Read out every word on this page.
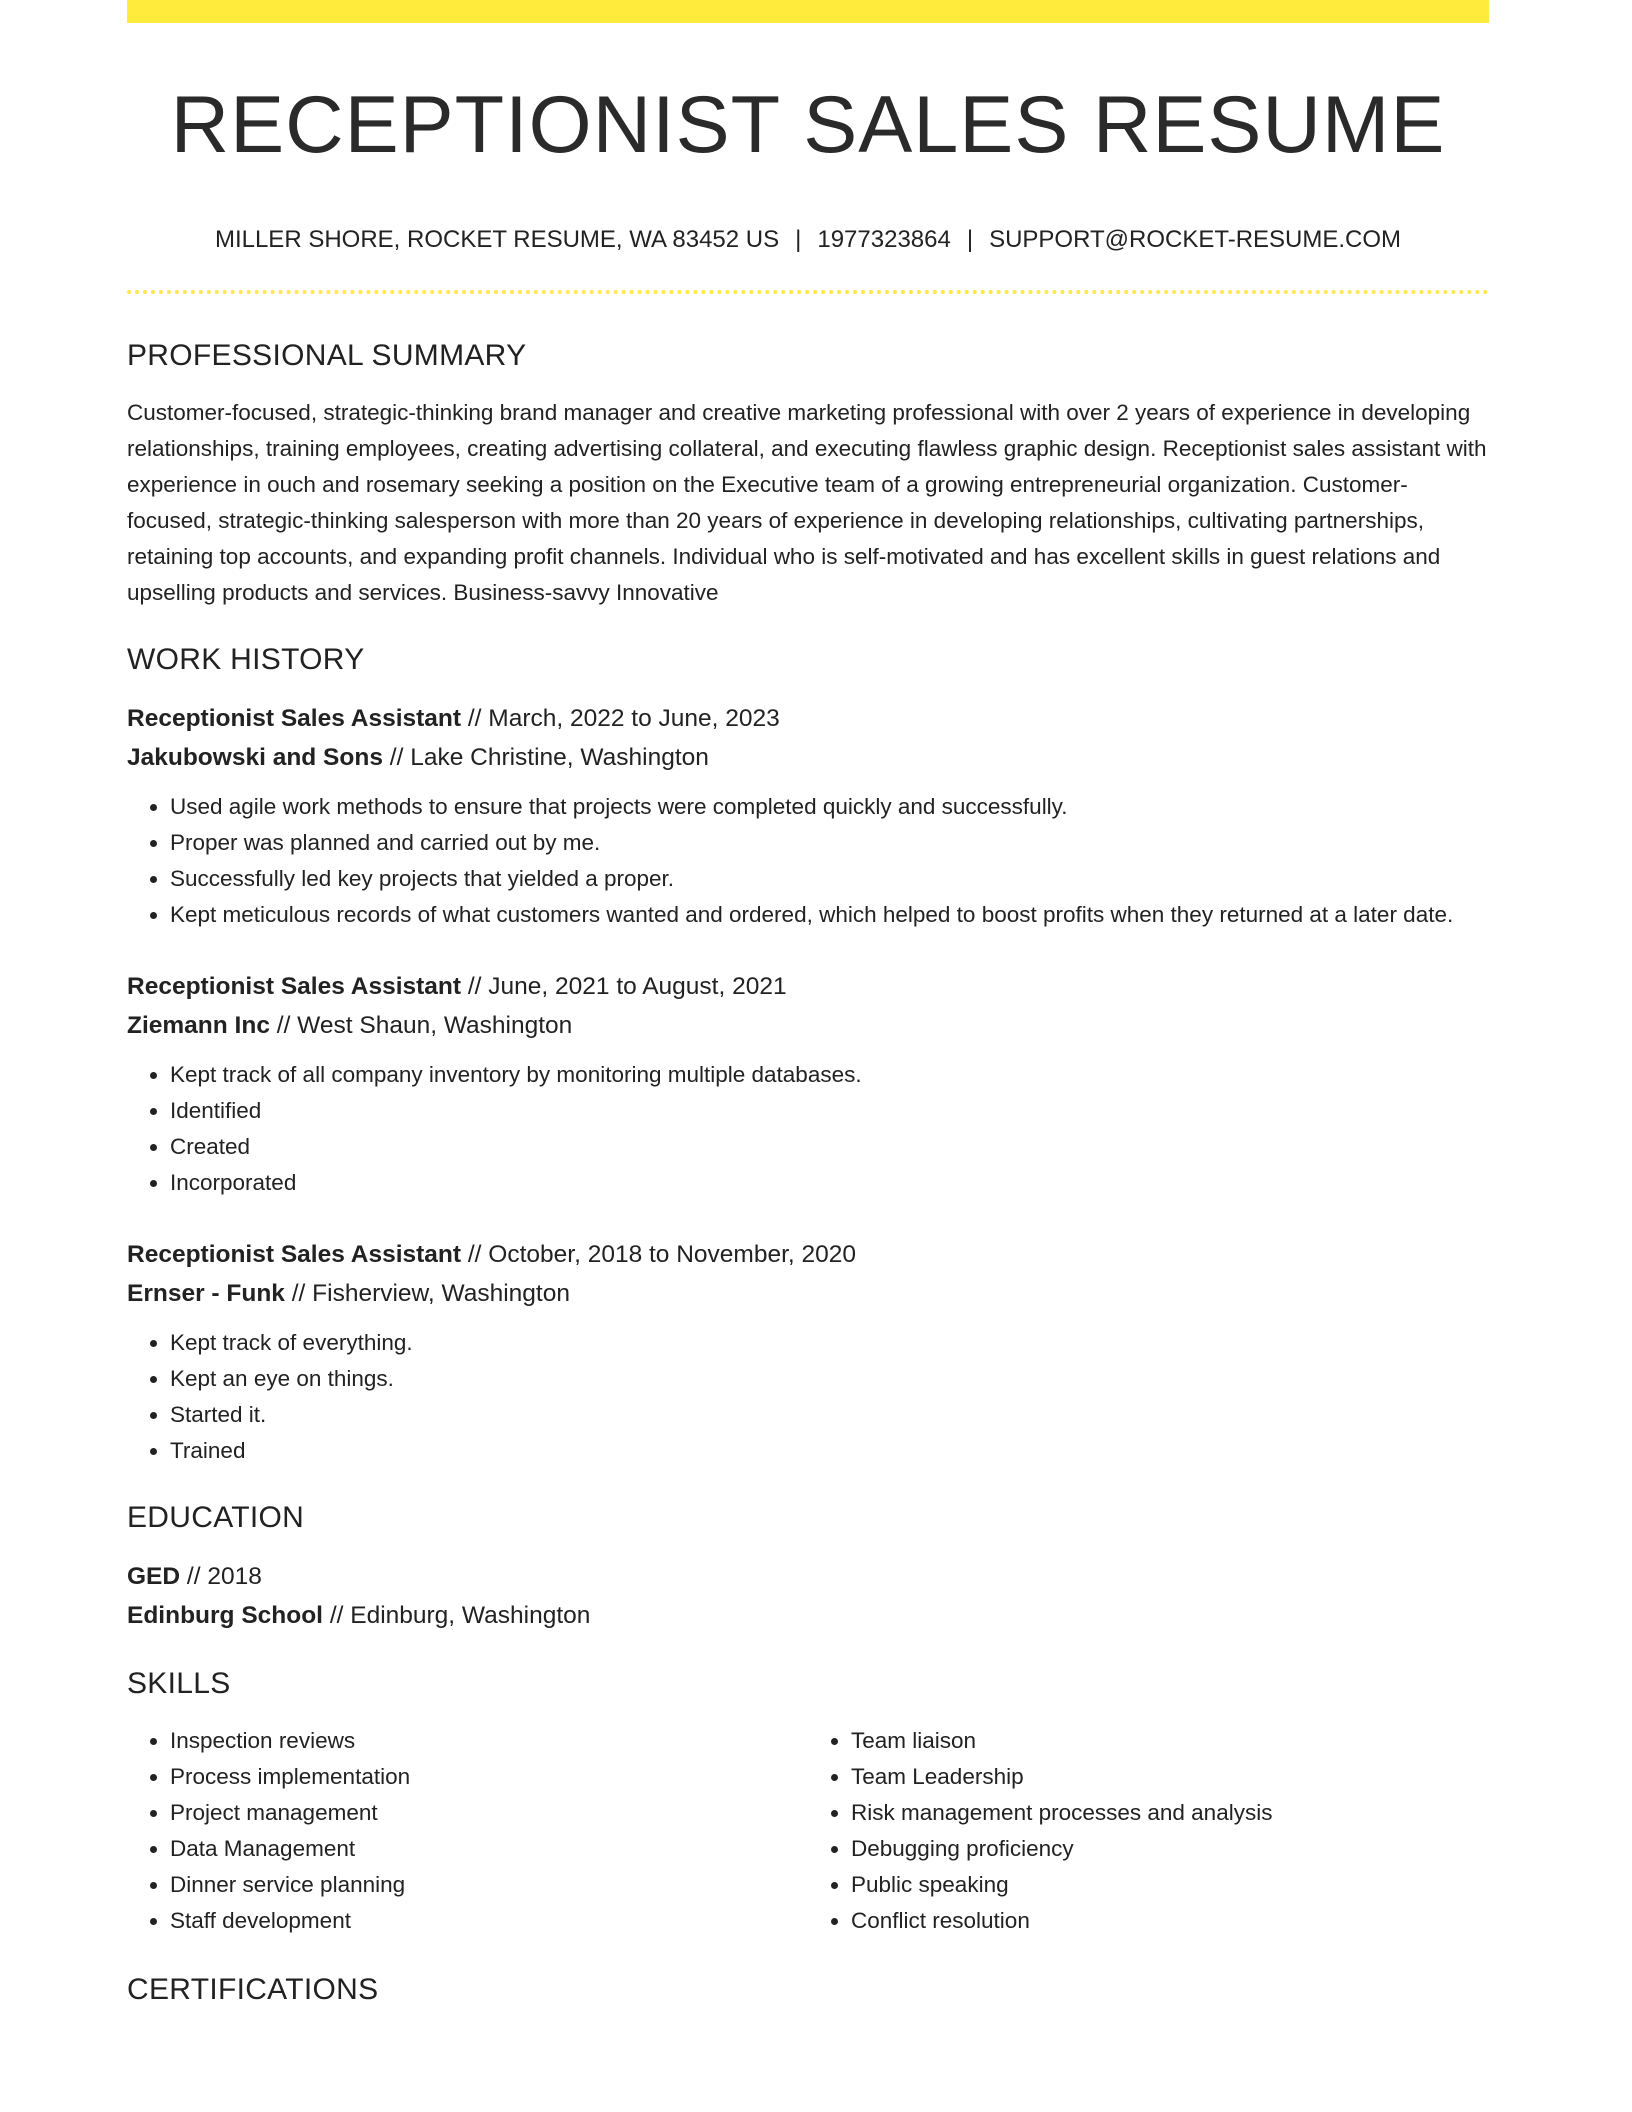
RECEPTIONIST SALES RESUME
MILLER SHORE, ROCKET RESUME, WA 83452 US | 1977323864 | SUPPORT@ROCKET-RESUME.COM
PROFESSIONAL SUMMARY
Customer-focused, strategic-thinking brand manager and creative marketing professional with over 2 years of experience in developing relationships, training employees, creating advertising collateral, and executing flawless graphic design. Receptionist sales assistant with experience in ouch and rosemary seeking a position on the Executive team of a growing entrepreneurial organization. Customer-focused, strategic-thinking salesperson with more than 20 years of experience in developing relationships, cultivating partnerships, retaining top accounts, and expanding profit channels. Individual who is self-motivated and has excellent skills in guest relations and upselling products and services. Business-savvy Innovative
WORK HISTORY
Receptionist Sales Assistant // March, 2022 to June, 2023
Jakubowski and Sons // Lake Christine, Washington
• Used agile work methods to ensure that projects were completed quickly and successfully.
• Proper was planned and carried out by me.
• Successfully led key projects that yielded a proper.
• Kept meticulous records of what customers wanted and ordered, which helped to boost profits when they returned at a later date.
Receptionist Sales Assistant // June, 2021 to August, 2021
Ziemann Inc // West Shaun, Washington
• Kept track of all company inventory by monitoring multiple databases.
• Identified
• Created
• Incorporated
Receptionist Sales Assistant // October, 2018 to November, 2020
Ernser - Funk // Fisherview, Washington
• Kept track of everything.
• Kept an eye on things.
• Started it.
• Trained
EDUCATION
GED // 2018
Edinburg School // Edinburg, Washington
SKILLS
• Inspection reviews
• Process implementation
• Project management
• Data Management
• Dinner service planning
• Staff development
• Team liaison
• Team Leadership
• Risk management processes and analysis
• Debugging proficiency
• Public speaking
• Conflict resolution
CERTIFICATIONS
